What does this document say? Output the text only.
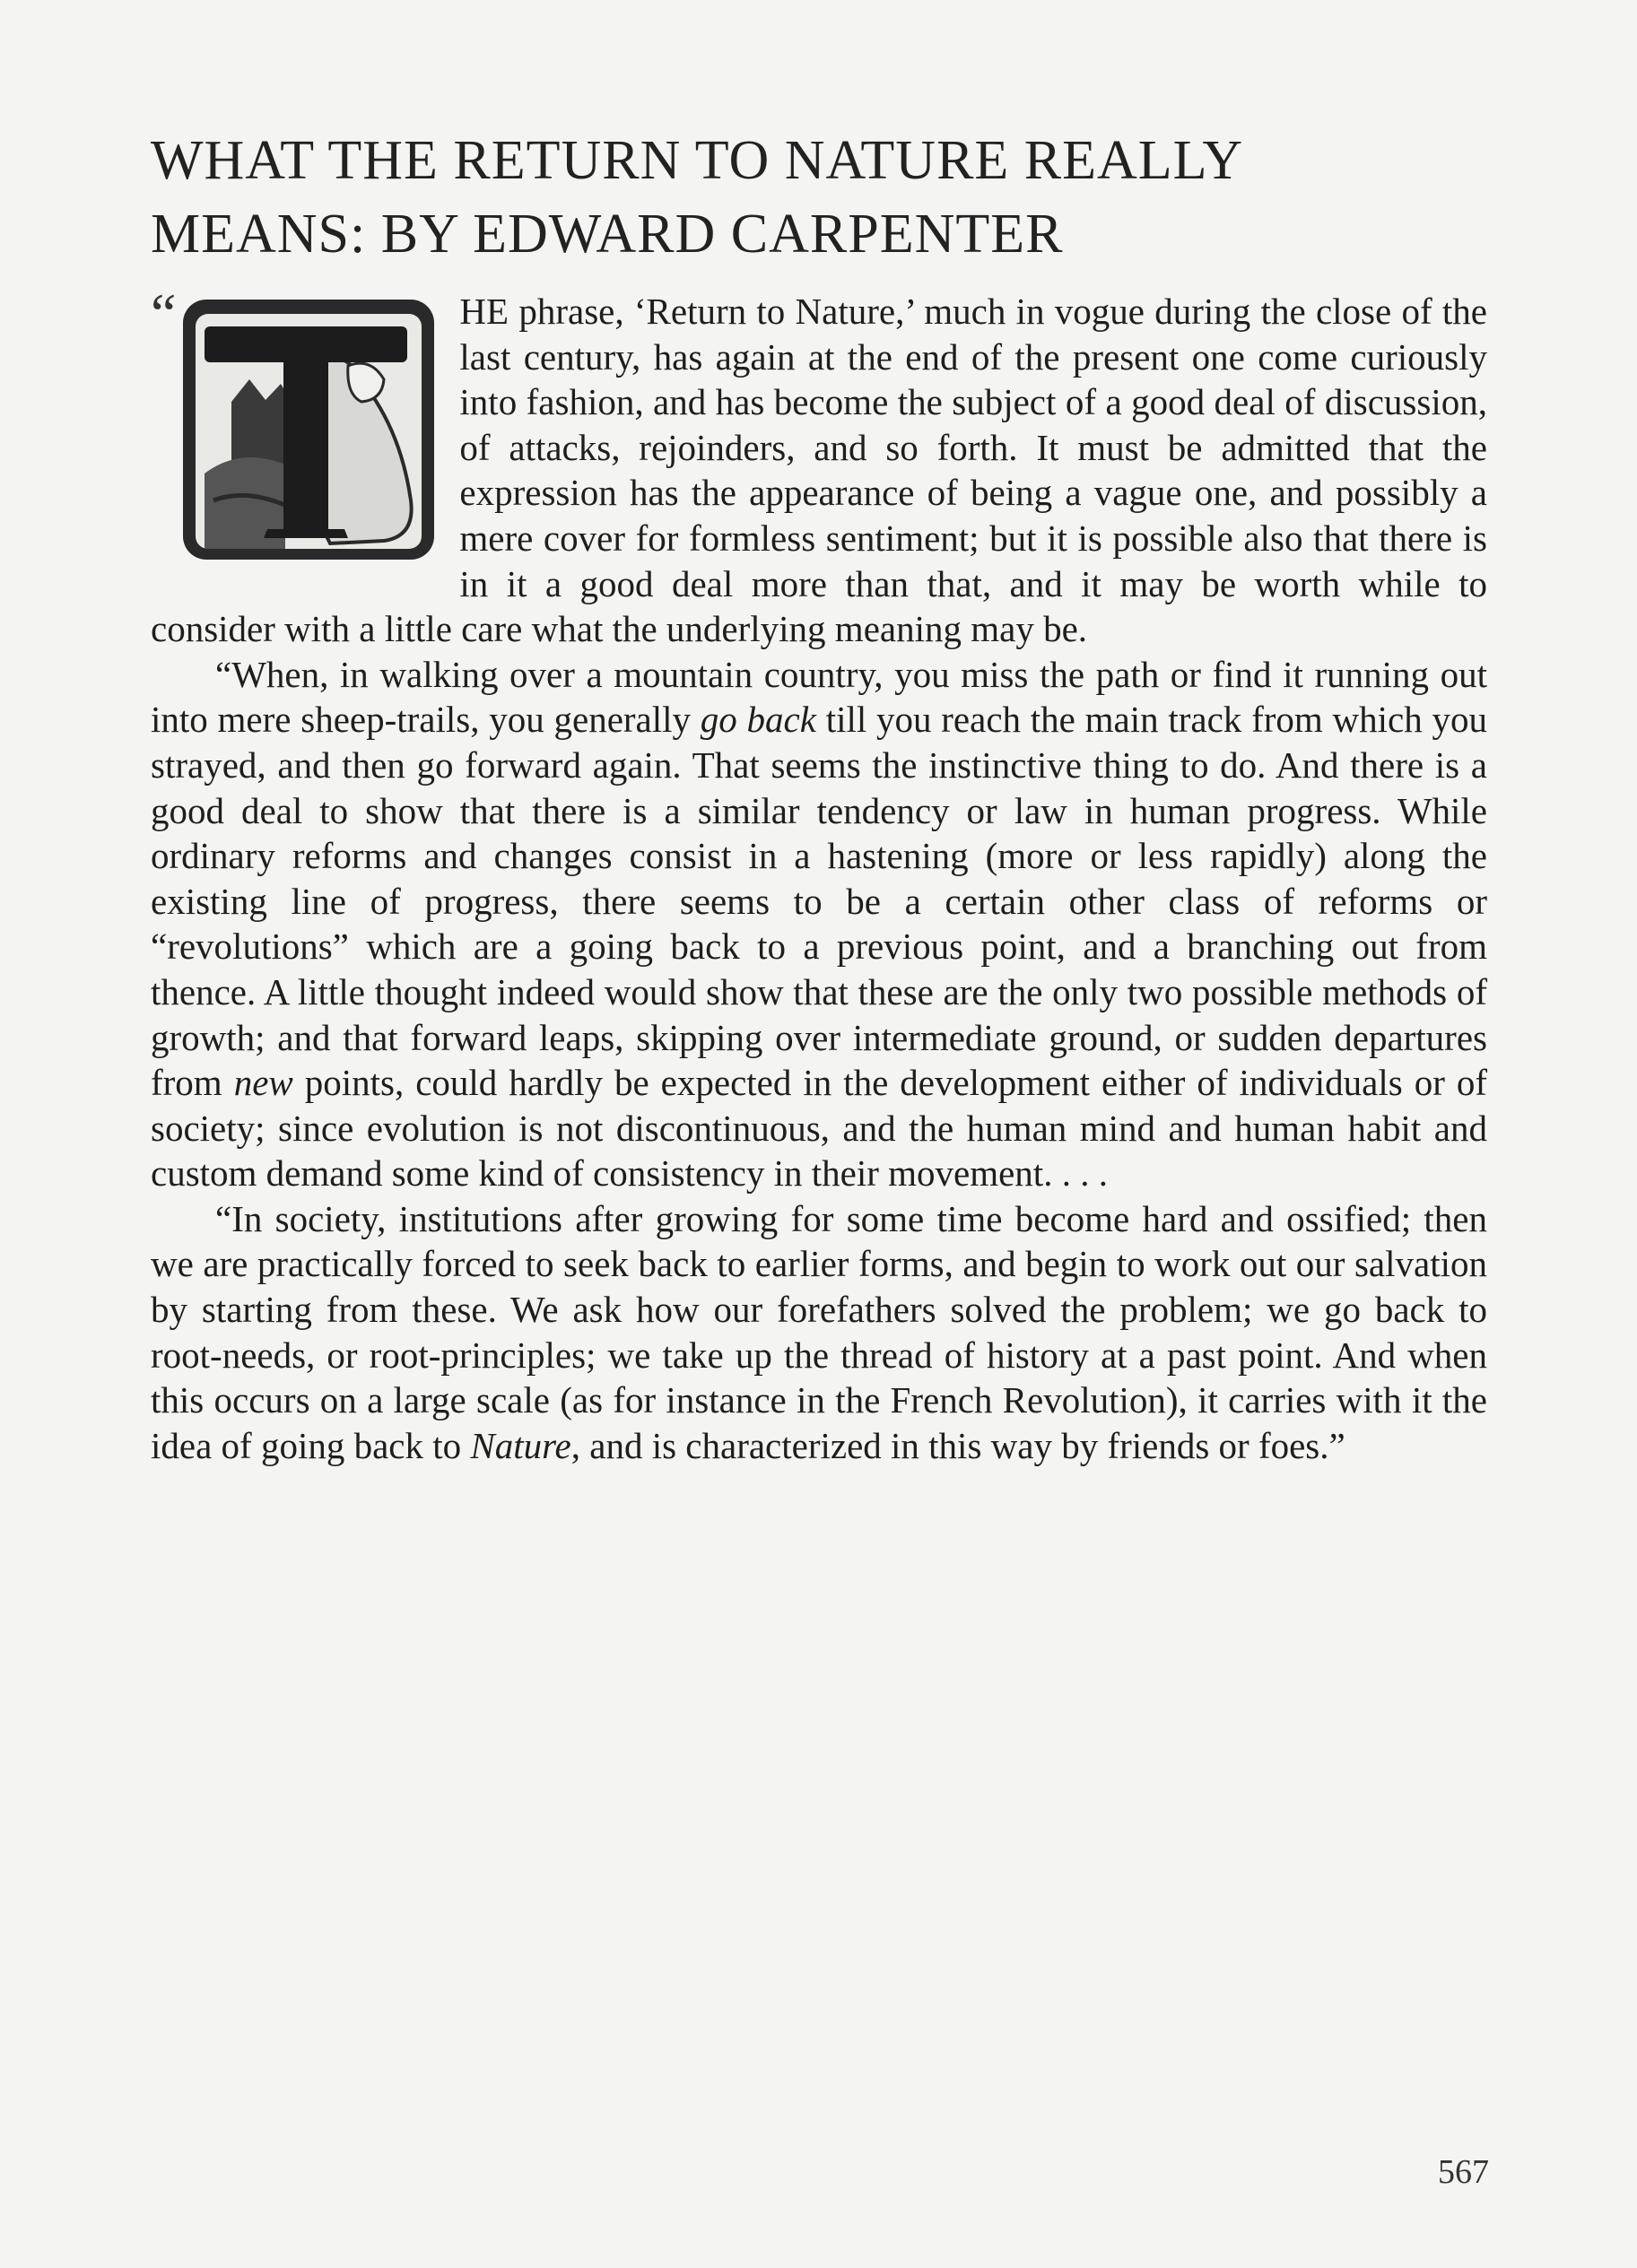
WHAT THE RETURN TO NATURE REALLY
MEANS: BY EDWARD CARPENTER

“
T
HE phrase, ‘Return to Nature,’ much in vogue during the close of the last century, has again at the end of the present one come curiously into fashion, and has become the subject of a good deal of discussion, of attacks, rejoinders, and so forth. It must be admitted that the expression has the appearance of being a vague one, and possibly a mere cover for formless sentiment; but it is possible also that there is in it a good deal more than that, and it may be worth while to consider with a little care what the underlying meaning may be.

“When, in walking over a mountain country, you miss the path or find it running out into mere sheep-trails, you generally go back till you reach the main track from which you strayed, and then go forward again. That seems the instinctive thing to do. And there is a good deal to show that there is a similar tendency or law in human progress. While ordinary reforms and changes consist in a hastening (more or less rapidly) along the existing line of progress, there seems to be a certain other class of reforms or “revolutions” which are a going back to a previous point, and a branching out from thence. A little thought indeed would show that these are the only two possible methods of growth; and that forward leaps, skipping over intermediate ground, or sudden departures from new points, could hardly be expected in the development either of individuals or of society; since evolution is not discontinuous, and the human mind and human habit and custom demand some kind of consistency in their movement. . . .

“In society, institutions after growing for some time become hard and ossified; then we are practically forced to seek back to earlier forms, and begin to work out our salvation by starting from these. We ask how our forefathers solved the problem; we go back to root-needs, or root-principles; we take up the thread of history at a past point. And when this occurs on a large scale (as for instance in the French Revolution), it carries with it the idea of going back to Nature, and is characterized in this way by friends or foes.”

567
